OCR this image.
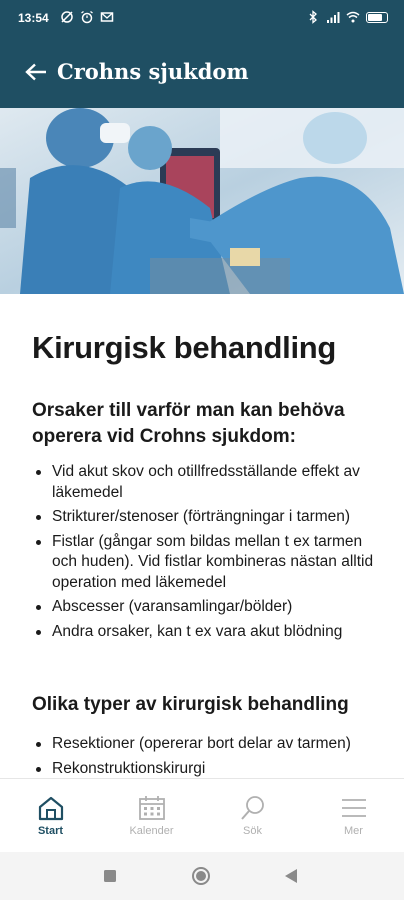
13:54
Crohns sjukdom
Kirurgisk behandling
Orsaker till varför man kan behöva operera vid Crohns sjukdom:
Vid akut skov och otillfredsställande effekt av läkemedel
Strikturer/stenoser (förträngningar i tarmen)
Fistlar (gångar som bildas mellan t ex tarmen och huden). Vid fistlar kombineras nästan alltid operation med läkemedel
Abscesser (varansamlingar/bölder)
Andra orsaker, kan t ex vara akut blödning
Olika typer av kirurgisk behandling
Resektioner (opererar bort delar av tarmen)
Rekonstruktionskirurgi
Start	Kalender	Sök	Mer
